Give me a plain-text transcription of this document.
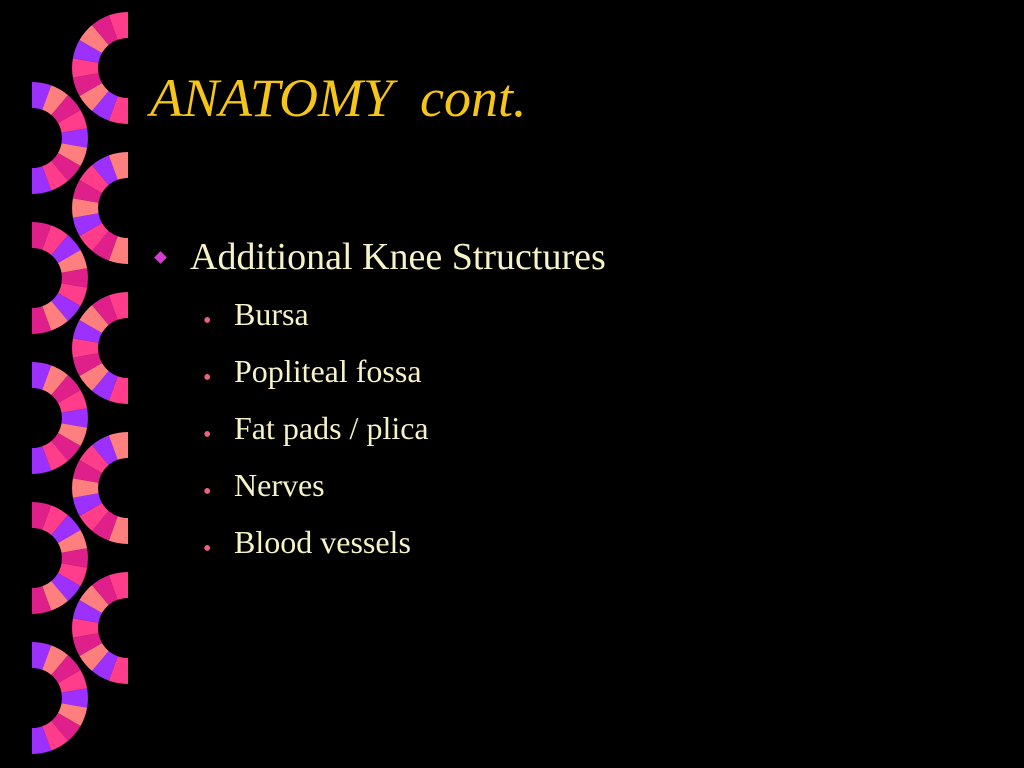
ANATOMY  cont.
Additional Knee Structures
• Bursa
• Popliteal fossa
• Fat pads / plica
• Nerves
• Blood vessels
